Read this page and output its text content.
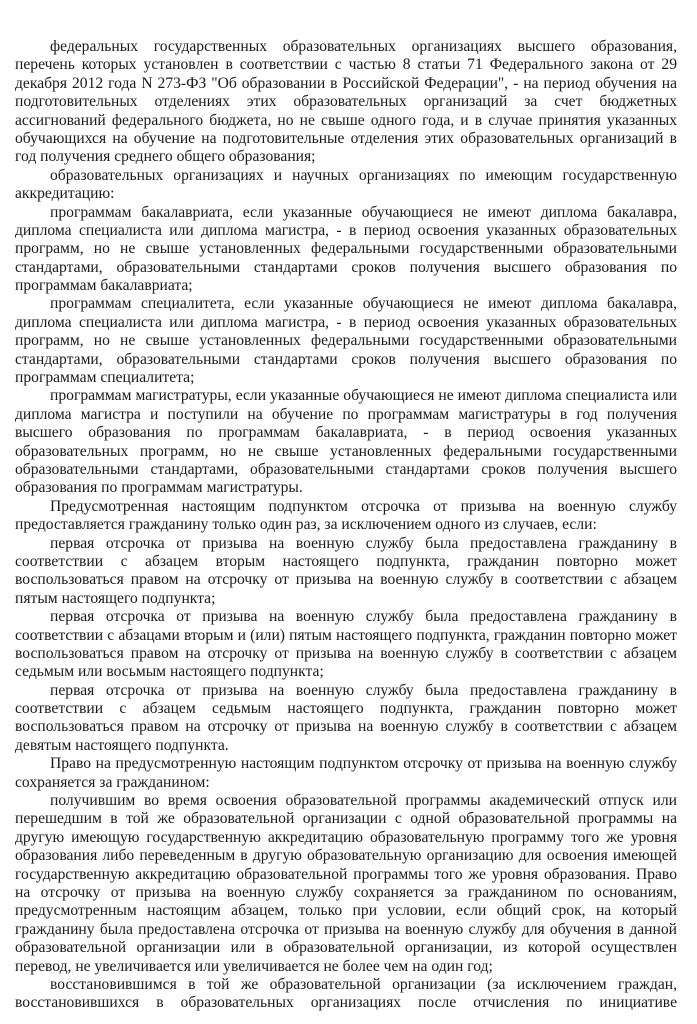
федеральных государственных образовательных организациях высшего образования,
перечень которых установлен в соответствии с частью 8 статьи 71 Федерального закона от 29
декабря 2012 года N 273-ФЗ "Об образовании в Российской Федерации", - на период обучения на
подготовительных отделениях этих образовательных организаций за счет бюджетных
ассигнований федерального бюджета, но не свыше одного года, и в случае принятия указанных
обучающихся на обучение на подготовительные отделения этих образовательных организаций в
год получения среднего общего образования;
образовательных организациях и научных организациях по имеющим государственную
аккредитацию:
программам бакалавриата, если указанные обучающиеся не имеют диплома бакалавра,
диплома специалиста или диплома магистра, - в период освоения указанных образовательных
программ, но не свыше установленных федеральными государственными образовательными
стандартами, образовательными стандартами сроков получения высшего образования по
программам бакалавриата;
программам специалитета, если указанные обучающиеся не имеют диплома бакалавра,
диплома специалиста или диплома магистра, - в период освоения указанных образовательных
программ, но не свыше установленных федеральными государственными образовательными
стандартами, образовательными стандартами сроков получения высшего образования по
программам специалитета;
программам магистратуры, если указанные обучающиеся не имеют диплома специалиста или
диплома магистра и поступили на обучение по программам магистратуры в год получения
высшего образования по программам бакалавриата, - в период освоения указанных
образовательных программ, но не свыше установленных федеральными государственными
образовательными стандартами, образовательными стандартами сроков получения высшего
образования по программам магистратуры.
Предусмотренная настоящим подпунктом отсрочка от призыва на военную службу
предоставляется гражданину только один раз, за исключением одного из случаев, если:
первая отсрочка от призыва на военную службу была предоставлена гражданину в
соответствии с абзацем вторым настоящего подпункта, гражданин повторно может
воспользоваться правом на отсрочку от призыва на военную службу в соответствии с абзацем
пятым настоящего подпункта;
первая отсрочка от призыва на военную службу была предоставлена гражданину в
соответствии с абзацами вторым и (или) пятым настоящего подпункта, гражданин повторно может
воспользоваться правом на отсрочку от призыва на военную службу в соответствии с абзацем
седьмым или восьмым настоящего подпункта;
первая отсрочка от призыва на военную службу была предоставлена гражданину в
соответствии с абзацем седьмым настоящего подпункта, гражданин повторно может
воспользоваться правом на отсрочку от призыва на военную службу в соответствии с абзацем
девятым настоящего подпункта.
Право на предусмотренную настоящим подпунктом отсрочку от призыва на военную службу
сохраняется за гражданином:
получившим во время освоения образовательной программы академический отпуск или
перешедшим в той же образовательной организации с одной образовательной программы на
другую имеющую государственную аккредитацию образовательную программу того же уровня
образования либо переведенным в другую образовательную организацию для освоения имеющей
государственную аккредитацию образовательной программы того же уровня образования. Право
на отсрочку от призыва на военную службу сохраняется за гражданином по основаниям,
предусмотренным настоящим абзацем, только при условии, если общий срок, на который
гражданину была предоставлена отсрочка от призыва на военную службу для обучения в данной
образовательной организации или в образовательной организации, из которой осуществлен
перевод, не увеличивается или увеличивается не более чем на один год;
восстановившимся в той же образовательной организации (за исключением граждан,
восстановившихся в образовательных организациях после отчисления по инициативе
